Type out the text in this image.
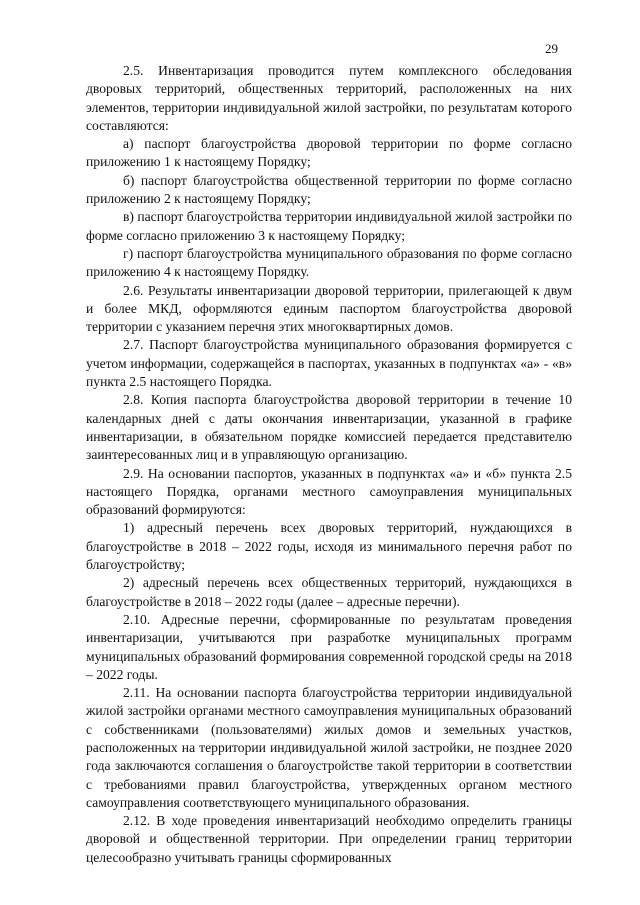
29

2.5. Инвентаризация проводится путем комплексного обследования дворовых территорий, общественных территорий, расположенных на них элементов, территории индивидуальной жилой застройки, по результатам которого составляются:

а) паспорт благоустройства дворовой территории по форме согласно приложению 1 к настоящему Порядку;

б) паспорт благоустройства общественной территории по форме согласно приложению 2 к настоящему Порядку;

в) паспорт благоустройства территории индивидуальной жилой застройки по форме согласно приложению 3 к настоящему Порядку;

г) паспорт благоустройства муниципального образования по форме согласно приложению 4 к настоящему Порядку.

2.6. Результаты инвентаризации дворовой территории, прилегающей к двум и более МКД, оформляются единым паспортом благоустройства дворовой территории с указанием перечня этих многоквартирных домов.

2.7. Паспорт благоустройства муниципального образования формируется с учетом информации, содержащейся в паспортах, указанных в подпунктах «а» - «в» пункта 2.5 настоящего Порядка.

2.8. Копия паспорта благоустройства дворовой территории в течение 10 календарных дней с даты окончания инвентаризации, указанной в графике инвентаризации, в обязательном порядке комиссией передается представителю заинтересованных лиц и в управляющую организацию.

2.9. На основании паспортов, указанных в подпунктах «а» и «б» пункта 2.5 настоящего Порядка, органами местного самоуправления муниципальных образований формируются:

1) адресный перечень всех дворовых территорий, нуждающихся в благоустройстве в 2018 – 2022 годы, исходя из минимального перечня работ по благоустройству;

2) адресный перечень всех общественных территорий, нуждающихся в благоустройстве в 2018 – 2022 годы (далее – адресные перечни).

2.10. Адресные перечни, сформированные по результатам проведения инвентаризации, учитываются при разработке муниципальных программ муниципальных образований формирования современной городской среды на 2018 – 2022 годы.

2.11. На основании паспорта благоустройства территории индивидуальной жилой застройки органами местного самоуправления муниципальных образований с собственниками (пользователями) жилых домов и земельных участков, расположенных на территории индивидуальной жилой застройки, не позднее 2020 года заключаются соглашения о благоустройстве такой территории в соответствии с требованиями правил благоустройства, утвержденных органом местного самоуправления соответствующего муниципального образования.

2.12. В ходе проведения инвентаризаций необходимо определить границы дворовой и общественной территории. При определении границ территории целесообразно учитывать границы сформированных
